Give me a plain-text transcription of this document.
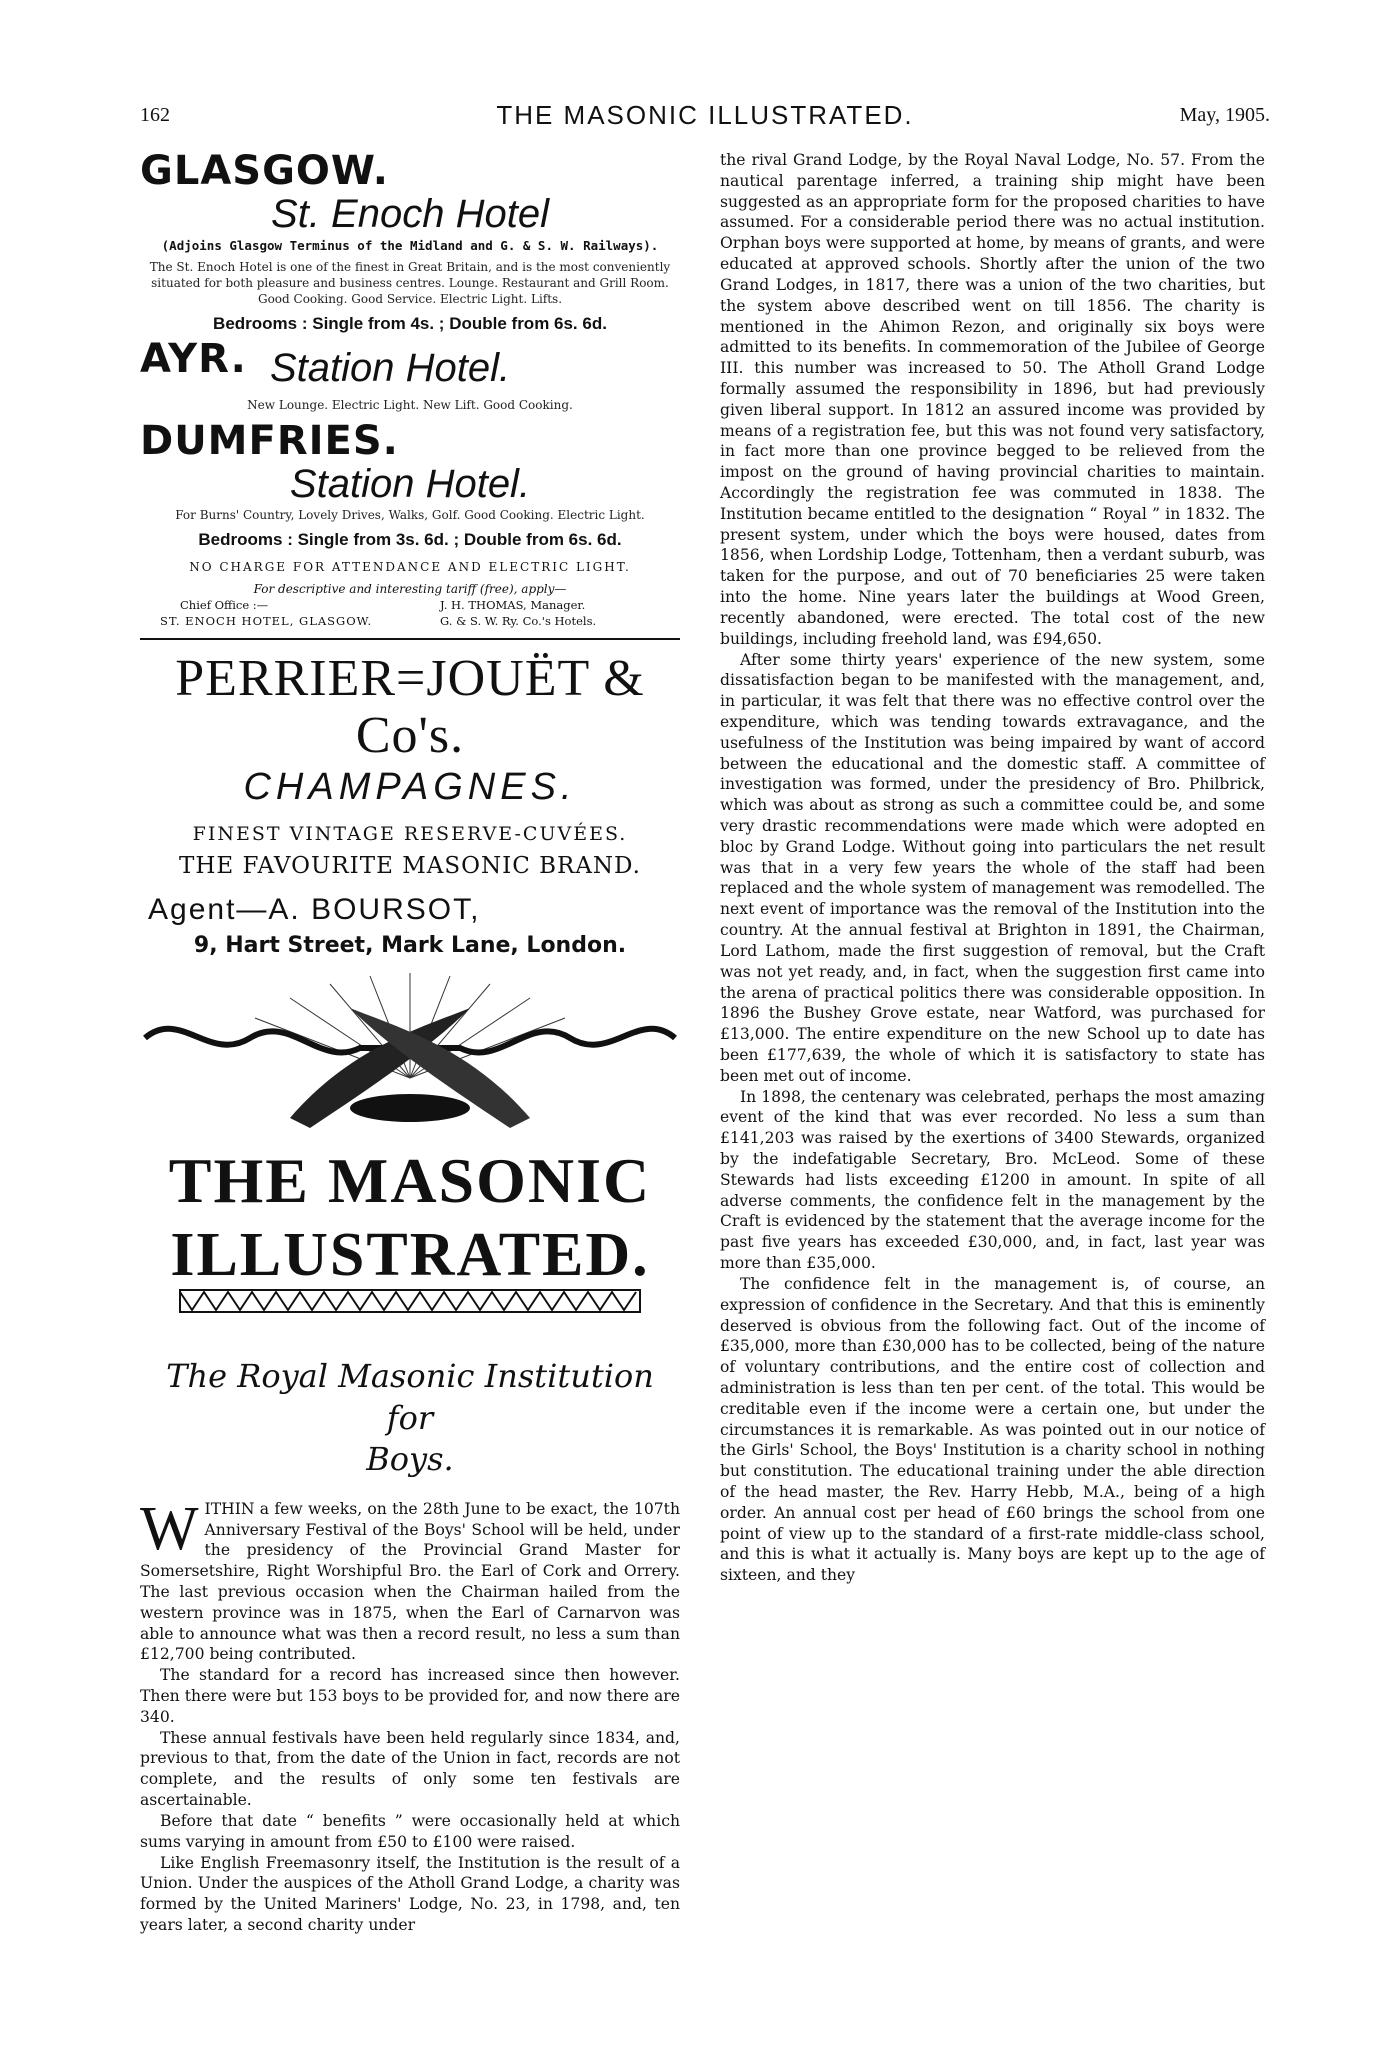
162	THE MASONIC ILLUSTRATED.	May, 1905.

GLASGOW.

St. Enoch Hotel

(Adjoins Glasgow Terminus of the Midland and G. & S. W. Railways).

The St. Enoch Hotel is one of the finest in Great Britain, and is the most conveniently

situated for both pleasure and business centres. Lounge. Restaurant and Grill Room.

Good Cooking. Good Service. Electric Light. Lifts.

Bedrooms : Single from 4s. ; Double from 6s. 6d.

AYR. Station Hotel.

New Lounge. Electric Light. New Lift. Good Cooking.

DUMFRIES.

Station Hotel.

For Burns' Country, Lovely Drives, Walks, Golf. Good Cooking. Electric Light.

Bedrooms : Single from 3s. 6d. ; Double from 6s. 6d.

NO CHARGE FOR ATTENDANCE AND ELECTRIC LIGHT.

For descriptive and interesting tariff (free), apply—

Chief Office :—	J. H. THOMAS, Manager.
ST. ENOCH HOTEL, GLASGOW.	G. & S. W. Ry. Co.'s Hotels.

PERRIER=JOUËT & Co's.

CHAMPAGNES.

FINEST VINTAGE RESERVE-CUVÉES.

THE FAVOURITE MASONIC BRAND.

Agent—A. BOURSOT,

9, Hart Street, Mark Lane, London.

THE MASONIC
ILLUSTRATED.
The Royal Masonic Institution for
Boys.

WITHIN a few weeks, on the 28th June to be exact, the 107th Anniversary Festival of the Boys' School will be held, under the presidency of the Provincial Grand Master for Somersetshire, Right Worshipful Bro. the Earl of Cork and Orrery. The last previous occasion when the Chairman hailed from the western province was in 1875, when the Earl of Carnarvon was able to announce what was then a record result, no less a sum than £12,700 being contributed.

The standard for a record has increased since then however. Then there were but 153 boys to be provided for, and now there are 340.

These annual festivals have been held regularly since 1834, and, previous to that, from the date of the Union in fact, records are not complete, and the results of only some ten festivals are ascertainable.

Before that date “ benefits ” were occasionally held at which sums varying in amount from £50 to £100 were raised.

Like English Freemasonry itself, the Institution is the result of a Union. Under the auspices of the Atholl Grand Lodge, a charity was formed by the United Mariners' Lodge, No. 23, in 1798, and, ten years later, a second charity under

the rival Grand Lodge, by the Royal Naval Lodge, No. 57. From the nautical parentage inferred, a training ship might have been suggested as an appropriate form for the proposed charities to have assumed. For a considerable period there was no actual institution. Orphan boys were supported at home, by means of grants, and were educated at approved schools. Shortly after the union of the two Grand Lodges, in 1817, there was a union of the two charities, but the system above described went on till 1856. The charity is mentioned in the Ahimon Rezon, and originally six boys were admitted to its benefits. In commemoration of the Jubilee of George III. this number was increased to 50. The Atholl Grand Lodge formally assumed the responsibility in 1896, but had previously given liberal support. In 1812 an assured income was provided by means of a registration fee, but this was not found very satisfactory, in fact more than one province begged to be relieved from the impost on the ground of having provincial charities to maintain. Accordingly the registration fee was commuted in 1838. The Institution became entitled to the designation “ Royal ” in 1832. The present system, under which the boys were housed, dates from 1856, when Lordship Lodge, Tottenham, then a verdant suburb, was taken for the purpose, and out of 70 beneficiaries 25 were taken into the home. Nine years later the buildings at Wood Green, recently abandoned, were erected. The total cost of the new buildings, including freehold land, was £94,650.

After some thirty years' experience of the new system, some dissatisfaction began to be manifested with the management, and, in particular, it was felt that there was no effective control over the expenditure, which was tending towards extravagance, and the usefulness of the Institution was being impaired by want of accord between the educational and the domestic staff. A committee of investigation was formed, under the presidency of Bro. Philbrick, which was about as strong as such a committee could be, and some very drastic recommendations were made which were adopted en bloc by Grand Lodge. Without going into particulars the net result was that in a very few years the whole of the staff had been replaced and the whole system of management was remodelled. The next event of importance was the removal of the Institution into the country. At the annual festival at Brighton in 1891, the Chairman, Lord Lathom, made the first suggestion of removal, but the Craft was not yet ready, and, in fact, when the suggestion first came into the arena of practical politics there was considerable opposition. In 1896 the Bushey Grove estate, near Watford, was purchased for £13,000. The entire expenditure on the new School up to date has been £177,639, the whole of which it is satisfactory to state has been met out of income.

In 1898, the centenary was celebrated, perhaps the most amazing event of the kind that was ever recorded. No less a sum than £141,203 was raised by the exertions of 3400 Stewards, organized by the indefatigable Secretary, Bro. McLeod. Some of these Stewards had lists exceeding £1200 in amount. In spite of all adverse comments, the confidence felt in the management by the Craft is evidenced by the statement that the average income for the past five years has exceeded £30,000, and, in fact, last year was more than £35,000.

The confidence felt in the management is, of course, an expression of confidence in the Secretary. And that this is eminently deserved is obvious from the following fact. Out of the income of £35,000, more than £30,000 has to be collected, being of the nature of voluntary contributions, and the entire cost of collection and administration is less than ten per cent. of the total. This would be creditable even if the income were a certain one, but under the circumstances it is remarkable. As was pointed out in our notice of the Girls' School, the Boys' Institution is a charity school in nothing but constitution. The educational training under the able direction of the head master, the Rev. Harry Hebb, M.A., being of a high order. An annual cost per head of £60 brings the school from one point of view up to the standard of a first-rate middle-class school, and this is what it actually is. Many boys are kept up to the age of sixteen, and they
